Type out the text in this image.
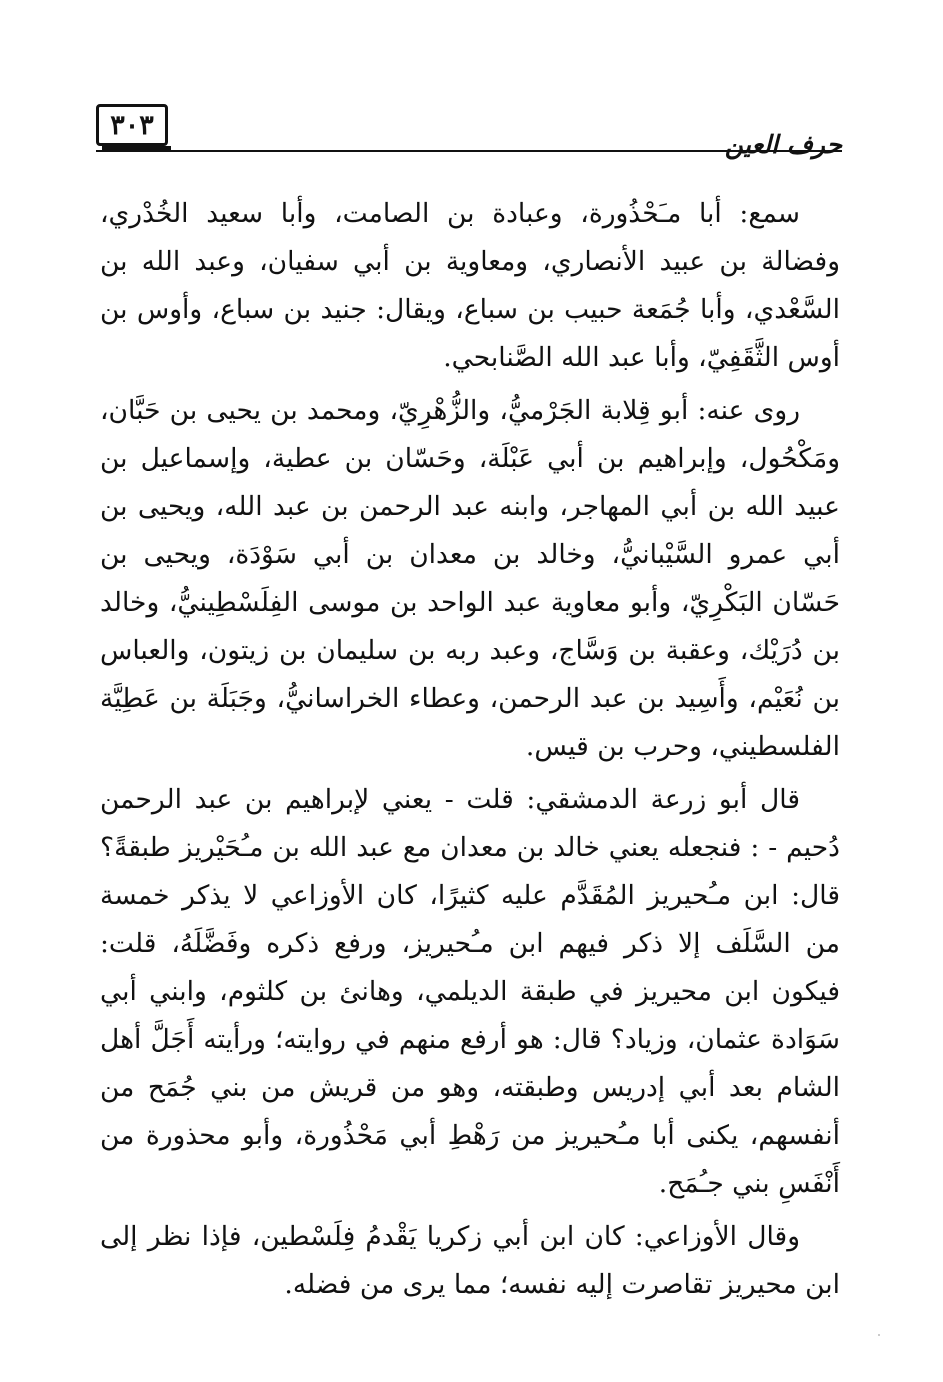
حرف العين
٣٠٣

سمع: أبا مـَحْذُورة، وعبادة بن الصامت، وأبا سعيد الخُدْري، وفضالة بن عبيد الأنصاري، ومعاوية بن أبي سفيان، وعبد الله بن السَّعْدي، وأبا جُمَعة حبيب بن سباع، ويقال: جنيد بن سباع، وأوس بن أوس الثَّقَفِيّ، وأبا عبد الله الصَّنابحي.

روى عنه: أبو قِلابة الجَرْميُّ، والزُّهْرِيّ، ومحمد بن يحيى بن حَبَّان، ومَكْحُول، وإبراهيم بن أبي عَبْلَة، وحَسّان بن عطية، وإسماعيل بن عبيد الله بن أبي المهاجر، وابنه عبد الرحمن بن عبد الله، ويحيى بن أبي عمرو السَّيْبانيُّ، وخالد بن معدان بن أبي سَوْدَة، ويحيى بن حَسّان البَكْرِيّ، وأبو معاوية عبد الواحد بن موسى الفِلَسْطِينيُّ، وخالد بن دُرَيْك، وعقبة بن وَسَّاج، وعبد ربه بن سليمان بن زيتون، والعباس بن نُعَيْم، وأَسِيد بن عبد الرحمن، وعطاء الخراسانيُّ، وجَبَلَة بن عَطِيَّة الفلسطيني، وحرب بن قيس.

قال أبو زرعة الدمشقي: قلت - يعني لإبراهيم بن عبد الرحمن دُحيم - : فنجعله يعني خالد بن معدان مع عبد الله بن مـُحَيْريز طبقةً؟ قال: ابن مـُحيريز المُقَدَّم عليه كثيرًا، كان الأوزاعي لا يذكر خمسة من السَّلَف إلا ذكر فيهم ابن مـُحيريز، ورفع ذكره وفَضَّلَهُ، قلت: فيكون ابن محيريز في طبقة الديلمي، وهانئ بن كلثوم، وابني أبي سَوَادة عثمان، وزياد؟ قال: هو أرفع منهم في روايته؛ ورأيته أَجَلَّ أهل الشام بعد أبي إدريس وطبقته، وهو من قريش من بني جُمَح من أنفسهم، يكنى أبا مـُحيريز من رَهْطِ أبي مَحْذُورة، وأبو محذورة من أَنْفَسِ بني جـُمَح.

وقال الأوزاعي: كان ابن أبي زكريا يَقْدمُ فِلَسْطين، فإذا نظر إلى ابن محيريز تقاصرت إليه نفسه؛ مما يرى من فضله.
